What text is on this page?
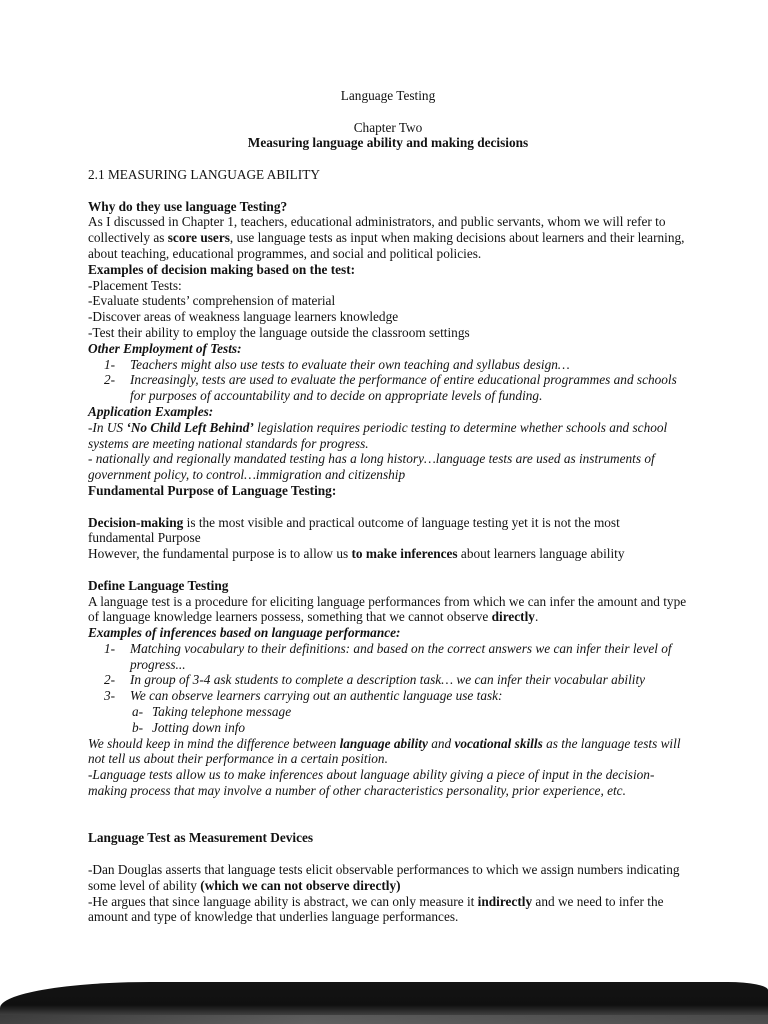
Language Testing

Chapter Two

Measuring language ability and making decisions

2.1 MEASURING LANGUAGE ABILITY

Why do they use language Testing?

As I discussed in Chapter 1, teachers, educational administrators, and public servants, whom we will refer to collectively as score users, use language tests as input when making decisions about learners and their learning, about teaching, educational programmes, and social and political policies.

Examples of decision making based on the test:

-Placement Tests:

-Evaluate students’ comprehension of material

-Discover areas of weakness language learners knowledge

-Test their ability to employ the language outside the classroom settings

Other Employment of Tests:

1- Teachers might also use tests to evaluate their own teaching and syllabus design…

2- Increasingly, tests are used to evaluate the performance of entire educational programmes and schools for purposes of accountability and to decide on appropriate levels of funding.

Application Examples:

-In US ‘No Child Left Behind’ legislation requires periodic testing to determine whether schools and school systems are meeting national standards for progress.

- nationally and regionally mandated testing has a long history…language tests are used as instruments of government policy, to control…immigration and citizenship

Fundamental Purpose of Language Testing:

Decision-making is the most visible and practical outcome of language testing yet it is not the most fundamental Purpose

However, the fundamental purpose is to allow us to make inferences about learners language ability

Define Language Testing

A language test is a procedure for eliciting language performances from which we can infer the amount and type of language knowledge learners possess, something that we cannot observe directly.

Examples of inferences based on language performance:

1- Matching vocabulary to their definitions: and based on the correct answers we can infer their level of progress...

2- In group of 3-4 ask students to complete a description task… we can infer their vocabular ability

3- We can observe learners carrying out an authentic language use task:

a- Taking telephone message

b- Jotting down info

We should keep in mind the difference between language ability and vocational skills as the language tests will not tell us about their performance in a certain position.

-Language tests allow us to make inferences about language ability giving a piece of input in the decision-making process that may involve a number of other characteristics personality, prior experience, etc.

Language Test as Measurement Devices

-Dan Douglas asserts that language tests elicit observable performances to which we assign numbers indicating some level of ability (which we can not observe directly)

-He argues that since language ability is abstract, we can only measure it indirectly and we need to infer the amount and type of knowledge that underlies language performances.
